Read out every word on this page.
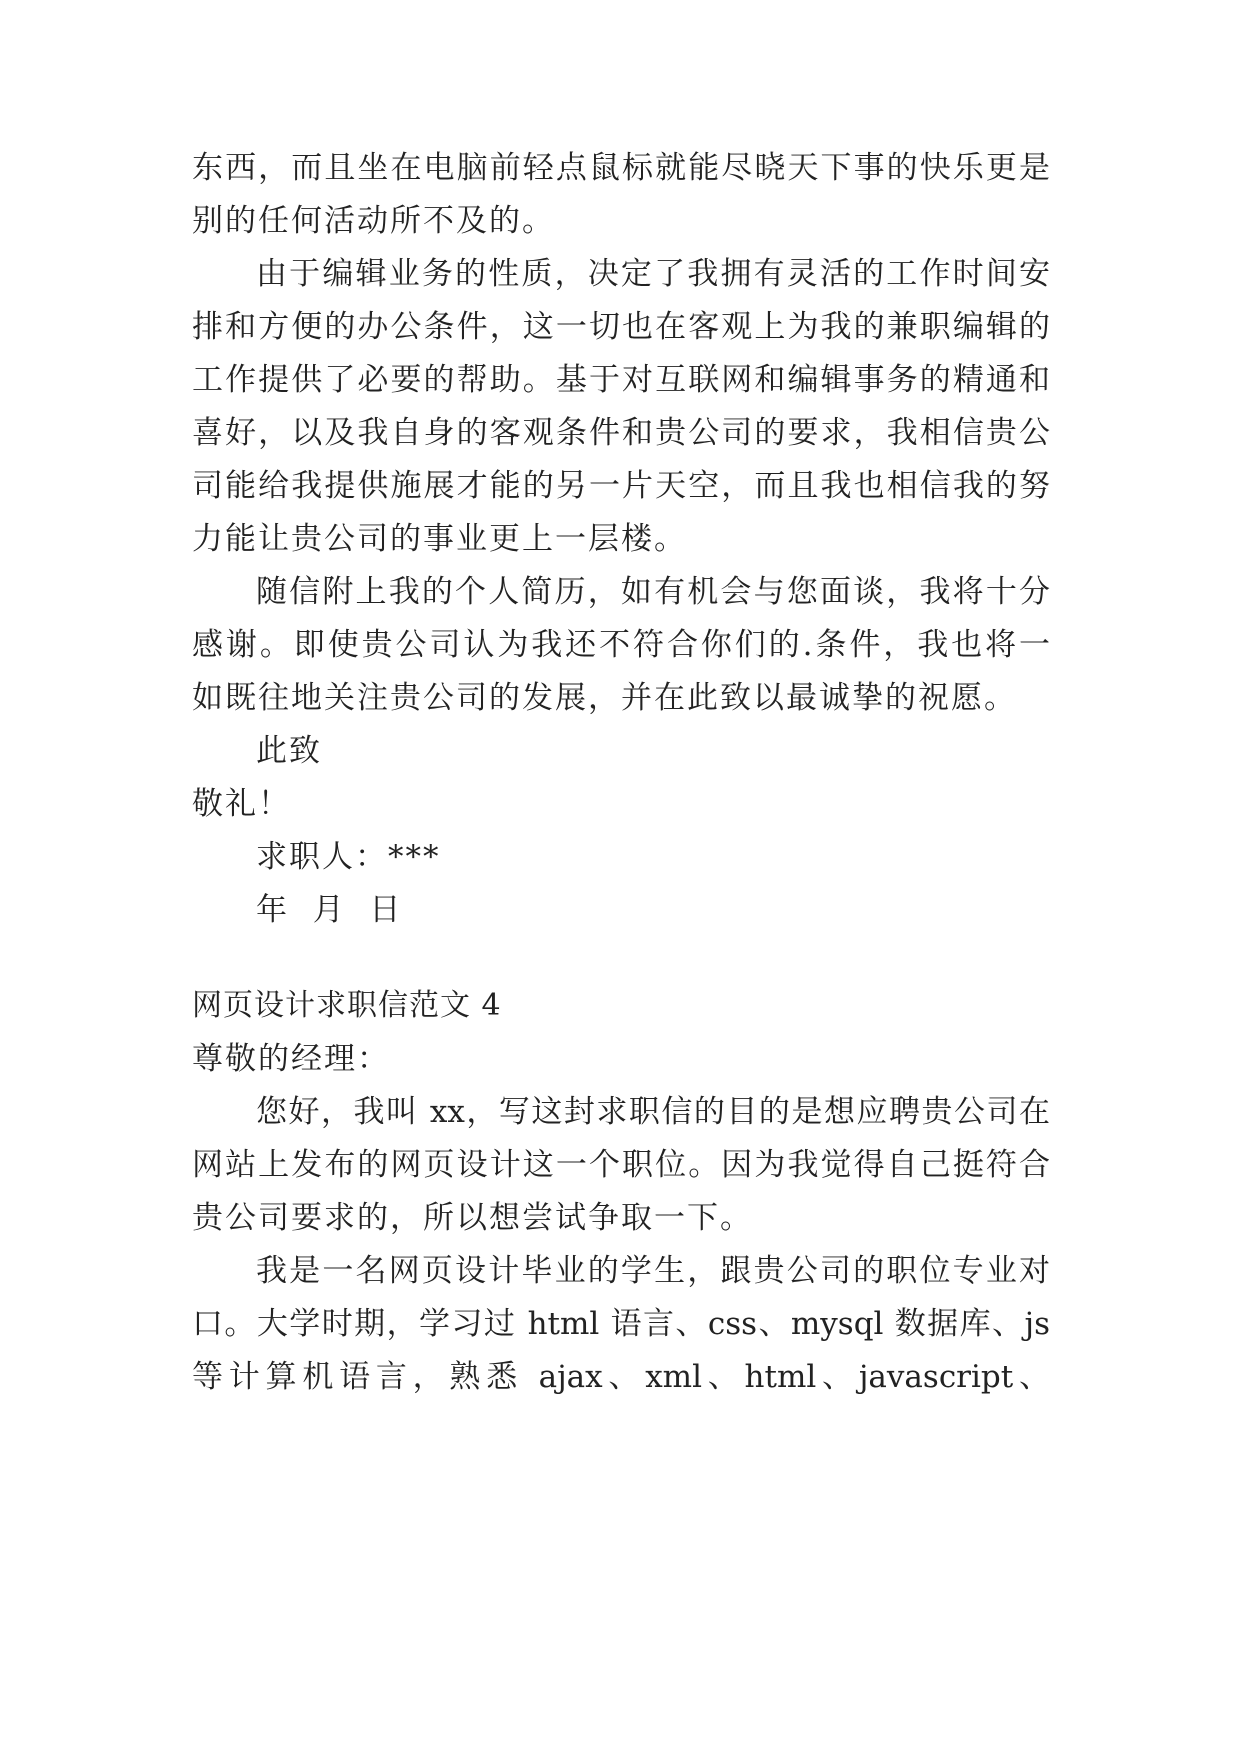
东西，而且坐在电脑前轻点鼠标就能尽晓天下事的快乐更是
别的任何活动所不及的。
由于编辑业务的性质，决定了我拥有灵活的工作时间安
排和方便的办公条件，这一切也在客观上为我的兼职编辑的
工作提供了必要的帮助。基于对互联网和编辑事务的精通和
喜好，以及我自身的客观条件和贵公司的要求，我相信贵公
司能给我提供施展才能的另一片天空，而且我也相信我的努
力能让贵公司的事业更上一层楼。
随信附上我的个人简历，如有机会与您面谈，我将十分
感谢。即使贵公司认为我还不符合你们的.条件，我也将一
如既往地关注贵公司的发展，并在此致以最诚挚的祝愿。
此致
敬礼！
求职人：***
年  月  日
网页设计求职信范文 4
尊敬的经理：
您好，我叫 xx，写这封求职信的目的是想应聘贵公司在
网站上发布的网页设计这一个职位。因为我觉得自己挺符合
贵公司要求的，所以想尝试争取一下。
我是一名网页设计毕业的学生，跟贵公司的职位专业对
口。大学时期，学习过 html 语言、css、mysql 数据库、js
等计算机语言，熟悉 ajax、xml、html、javascript、
